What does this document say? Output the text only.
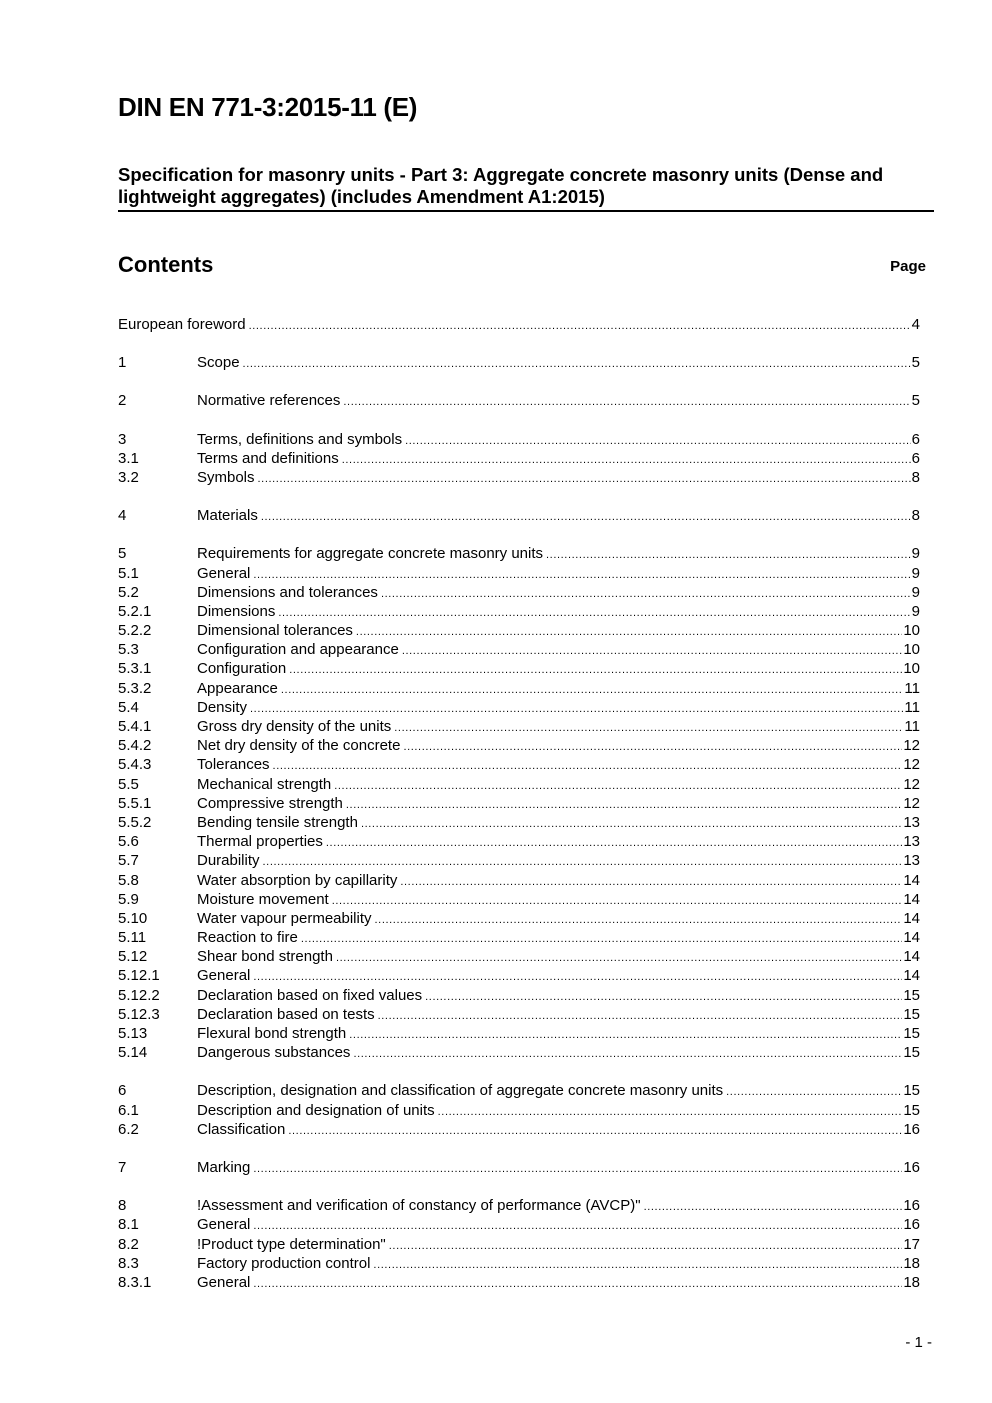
DIN EN 771-3:2015-11 (E)
Specification for masonry units - Part 3: Aggregate concrete masonry units (Dense and lightweight aggregates) (includes Amendment A1:2015)
Contents	Page
European foreword .....	4
1	Scope .....	5
2	Normative references .....	5
3	Terms, definitions and symbols .....	6
3.1	Terms and definitions .....	6
3.2	Symbols .....	8
4	Materials .....	8
5	Requirements for aggregate concrete masonry units .....	9
5.1	General .....	9
5.2	Dimensions and tolerances .....	9
5.2.1	Dimensions .....	9
5.2.2	Dimensional tolerances .....	10
5.3	Configuration and appearance .....	10
5.3.1	Configuration .....	10
5.3.2	Appearance .....	11
5.4	Density .....	11
5.4.1	Gross dry density of the units .....	11
5.4.2	Net dry density of the concrete .....	12
5.4.3	Tolerances .....	12
5.5	Mechanical strength .....	12
5.5.1	Compressive strength .....	12
5.5.2	Bending tensile strength .....	13
5.6	Thermal properties .....	13
5.7	Durability .....	13
5.8	Water absorption by capillarity .....	14
5.9	Moisture movement .....	14
5.10	Water vapour permeability .....	14
5.11	Reaction to fire .....	14
5.12	Shear bond strength .....	14
5.12.1	General .....	14
5.12.2	Declaration based on fixed values .....	15
5.12.3	Declaration based on tests .....	15
5.13	Flexural bond strength .....	15
5.14	Dangerous substances .....	15
6	Description, designation and classification of aggregate concrete masonry units .....	15
6.1	Description and designation of units .....	15
6.2	Classification .....	16
7	Marking .....	16
8	!Assessment and verification of constancy of performance (AVCP)" .....	16
8.1	General .....	16
8.2	!Product type determination" .....	17
8.3	Factory production control .....	18
8.3.1	General .....	18
- 1 -
